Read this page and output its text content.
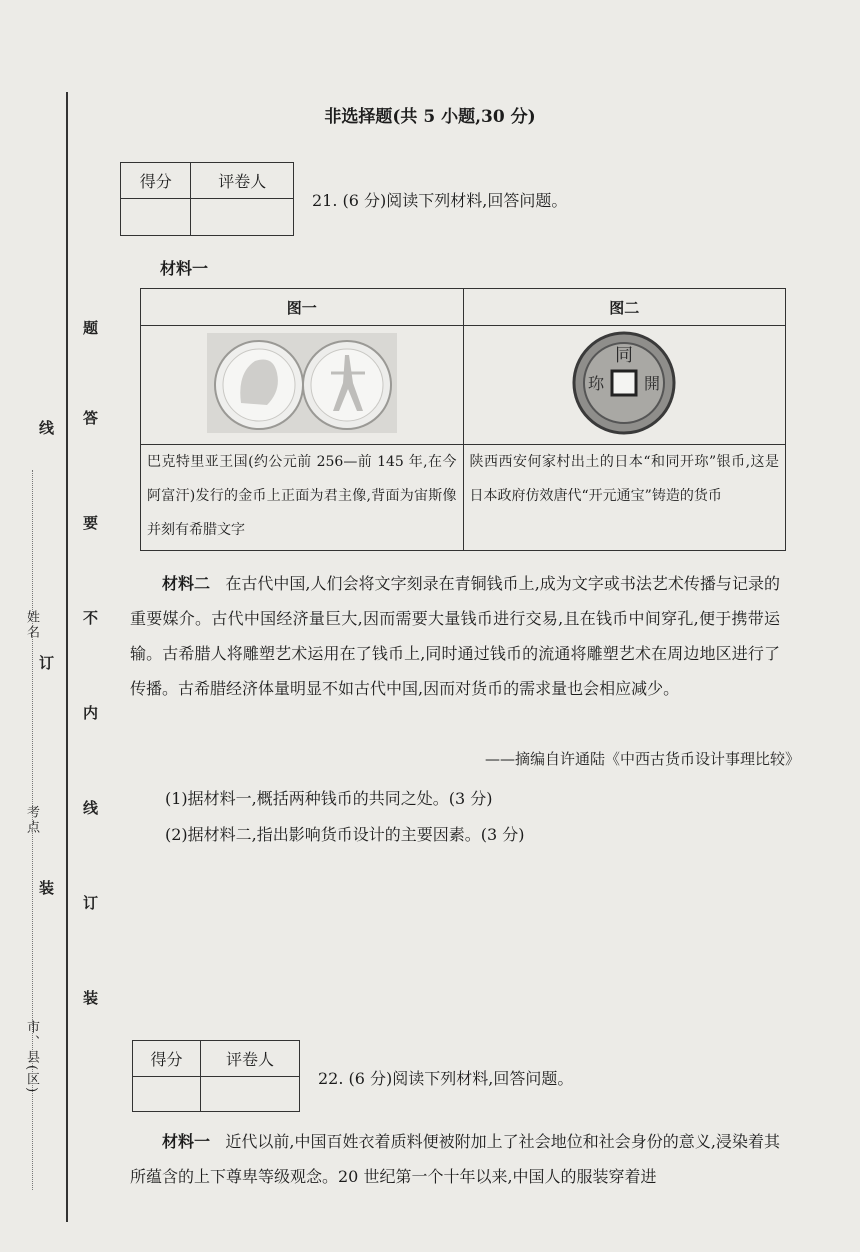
姓名
考点
市、县(区)
线
订
装
题
答
要
不
内
线
订
装
非选择题(共 5 小题,30 分)
得分	评卷人

21. (6 分)阅读下列材料,回答问题。
材料一
图一	图二

同
開
珎

巴克特里亚王国(约公元前 256—前 145 年,在今阿富汗)发行的金币上正面为君主像,背面为宙斯像并刻有希腊文字	陕西西安何家村出土的日本“和同开珎”银币,这是日本政府仿效唐代“开元通宝”铸造的货币
材料二 在古代中国,人们会将文字刻录在青铜钱币上,成为文字或书法艺术传播与记录的重要媒介。古代中国经济量巨大,因而需要大量钱币进行交易,且在钱币中间穿孔,便于携带运输。古希腊人将雕塑艺术运用在了钱币上,同时通过钱币的流通将雕塑艺术在周边地区进行了传播。古希腊经济体量明显不如古代中国,因而对货币的需求量也会相应减少。
——摘编自许通陆《中西古货币设计事理比较》
(1)据材料一,概括两种钱币的共同之处。(3 分)
(2)据材料二,指出影响货币设计的主要因素。(3 分)
得分	评卷人

22. (6 分)阅读下列材料,回答问题。
材料一 近代以前,中国百姓衣着质料便被附加上了社会地位和社会身份的意义,浸染着其所蕴含的上下尊卑等级观念。20 世纪第一个十年以来,中国人的服装穿着进
